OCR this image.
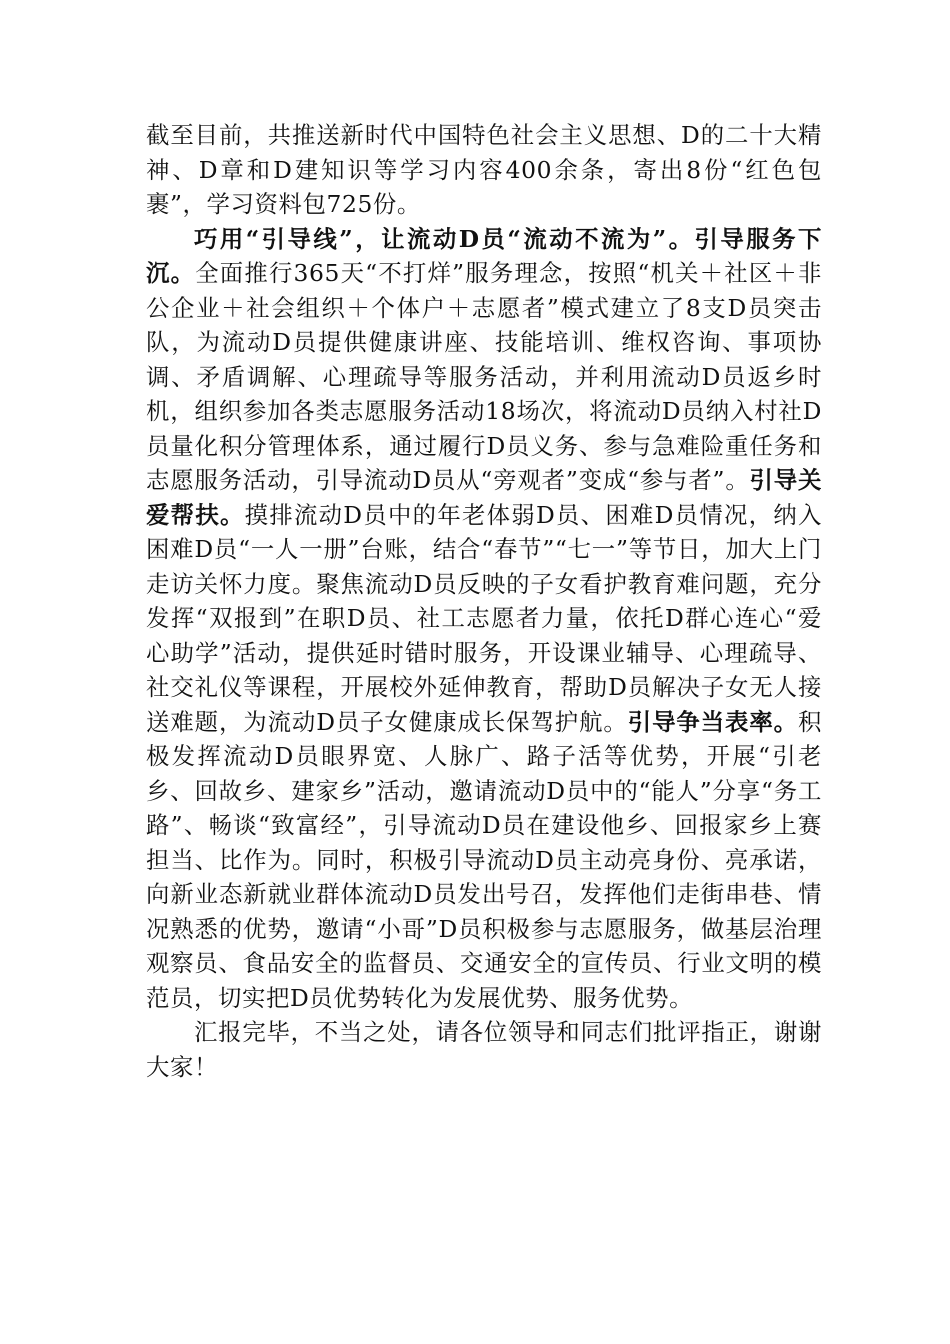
截至目前，共推送新时代中国特色社会主义思想、D的二十大精神、D章和D建知识等学习内容400余条，寄出8份“红色包裹”，学习资料包725份。

巧用“引导线”，让流动D员“流动不流为”。引导服务下沉。全面推行365天“不打烊”服务理念，按照“机关＋社区＋非公企业＋社会组织＋个体户＋志愿者”模式建立了8支D员突击队，为流动D员提供健康讲座、技能培训、维权咨询、事项协调、矛盾调解、心理疏导等服务活动，并利用流动D员返乡时机，组织参加各类志愿服务活动18场次，将流动D员纳入村社D员量化积分管理体系，通过履行D员义务、参与急难险重任务和志愿服务活动，引导流动D员从“旁观者”变成“参与者”。引导关爱帮扶。摸排流动D员中的年老体弱D员、困难D员情况，纳入困难D员“一人一册”台账，结合“春节”“七一”等节日，加大上门走访关怀力度。聚焦流动D员反映的子女看护教育难问题，充分发挥“双报到”在职D员、社工志愿者力量，依托D群心连心“爱心助学”活动，提供延时错时服务，开设课业辅导、心理疏导、社交礼仪等课程，开展校外延伸教育，帮助D员解决子女无人接送难题，为流动D员子女健康成长保驾护航。引导争当表率。积极发挥流动D员眼界宽、人脉广、路子活等优势，开展“引老乡、回故乡、建家乡”活动，邀请流动D员中的“能人”分享“务工路”、畅谈“致富经”，引导流动D员在建设他乡、回报家乡上赛担当、比作为。同时，积极引导流动D员主动亮身份、亮承诺，向新业态新就业群体流动D员发出号召，发挥他们走街串巷、情况熟悉的优势，邀请“小哥”D员积极参与志愿服务，做基层治理观察员、食品安全的监督员、交通安全的宣传员、行业文明的模范员，切实把D员优势转化为发展优势、服务优势。

汇报完毕，不当之处，请各位领导和同志们批评指正，谢谢大家！
